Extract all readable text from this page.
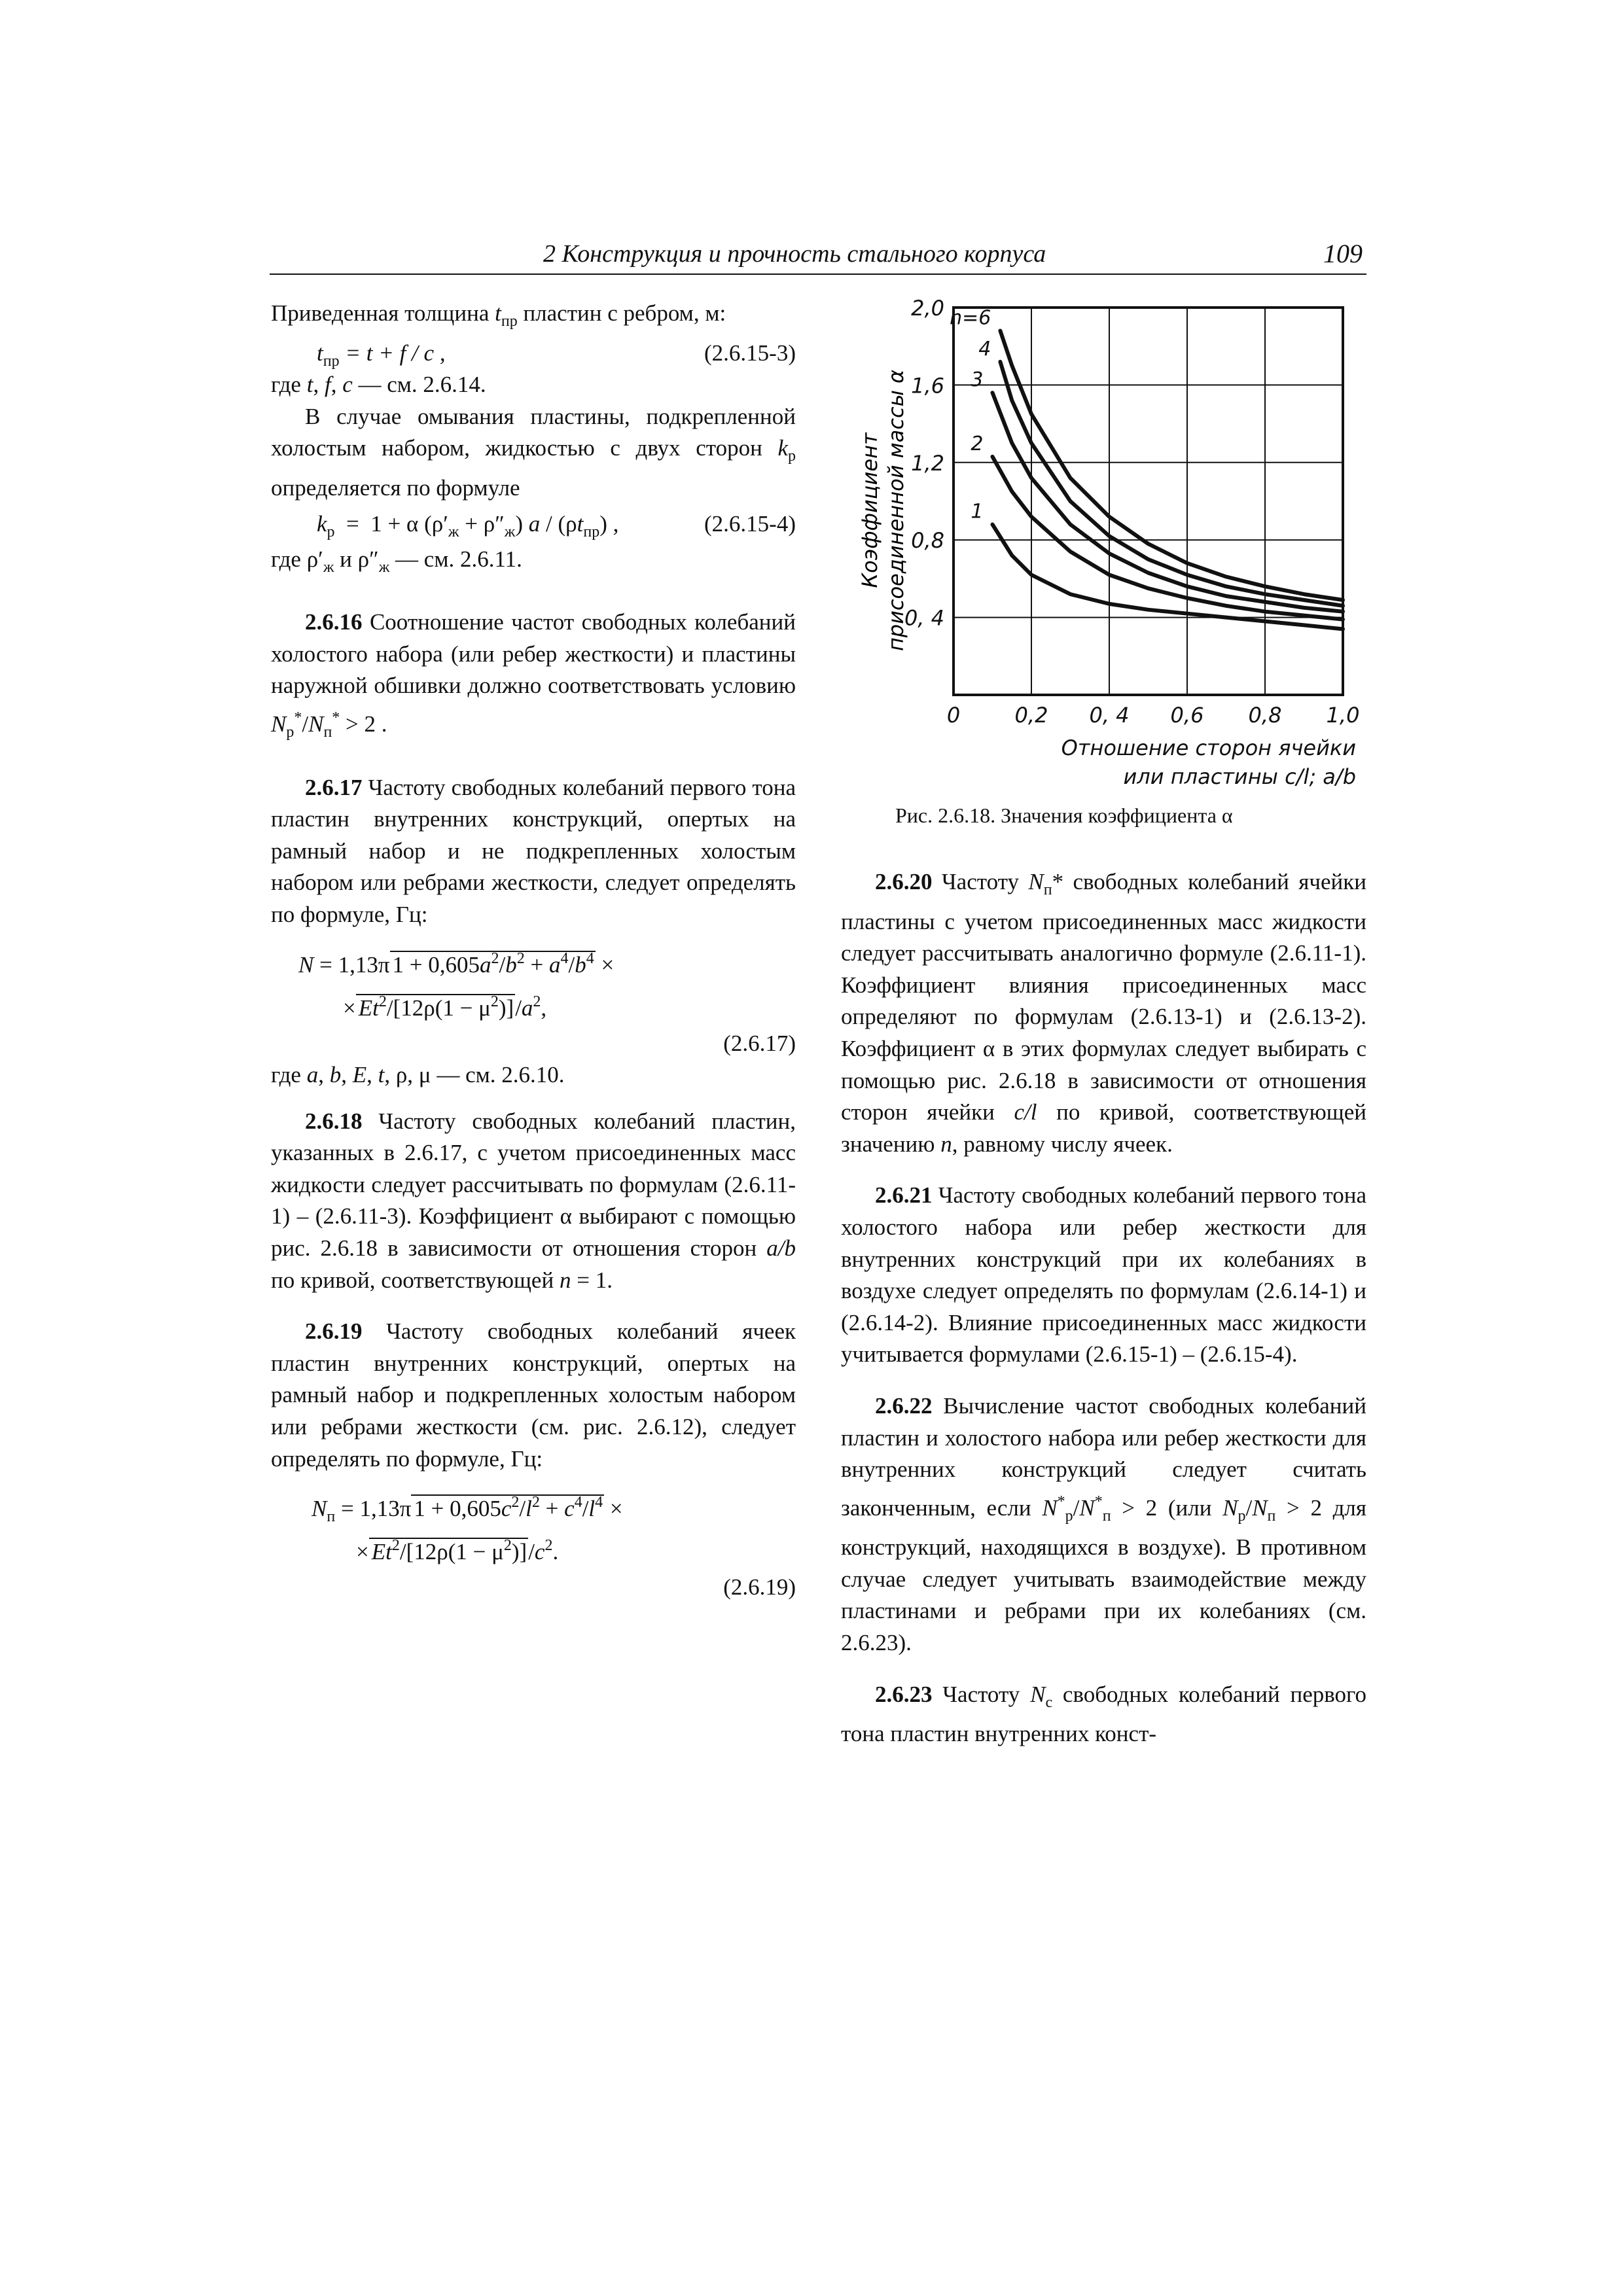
2 Конструкция и прочность стального корпуса	109

Приведенная толщина $t_{пр}$ пластин с ребром, м:

$t_{пр} = t + f / c$ ,	(2.6.15-3)

где t, f, c — см. 2.6.14.

В случае омывания пластины, подкрепленной холостым набором, жидкостью с двух сторон $k_р$ определяется по формуле

$k_р = 1 + \alpha$ $(\rho'_ж + \rho''_ж)$ a / $(\rho t_{пр})$ ,	(2.6.15-4)

где $\rho'_ж$ и $\rho''_ж$ — см. 2.6.11.

2.6.16 Соотношение частот свободных колебаний холостого набора (или ребер жесткости) и пластины наружной обшивки должно соответствовать условию $N_р^*/N_п^* > 2$ .

2.6.17 Частоту свободных колебаний первого тона пластин внутренних конструкций, опертых на рамный набор и не подкрепленных холостым набором или ребрами жесткости, следует определять по формуле, Гц:

N = 1,13π $1 + 0,605a^2/b^2 + a^4/b^4$ ×
× $Et^2/[12\rho(1 - \mu^2)]/a^2$,
(2.6.17)

где a, b, E, t, ρ, μ — см. 2.6.10.

2.6.18 Частоту свободных колебаний пластин, указанных в 2.6.17, с учетом присоединенных масс жидкости следует рассчитывать по формулам (2.6.11-1) – (2.6.11-3). Коэффициент α выбирают с помощью рис. 2.6.18 в зависимости от отношения сторон a/b по кривой, соответствующей n = 1.

2.6.19 Частоту свободных колебаний ячеек пластин внутренних конструкций, опертых на рамный набор и подкрепленных холостым набором или ребрами жесткости (см. рис. 2.6.12), следует определять по формуле, Гц:

$N_п = 1,13\pi$ $1 + 0,605c^2/l^2 + c^4/l^4$ ×
× $Et^2/[12\rho(1 - \mu^2)]/c^2$.
(2.6.19)
2,0
1,6
1,2
0,8
0, 4
0	0,2 0, 4 0,6 0,8 1,0
Коэффициент присоединенной массы α
Отношение сторон ячейки
или пластины c/l; a/b
1
2
3
4
n=6
Рис. 2.6.18. Значения коэффициента α

2.6.20 Частоту $N_п*$ свободных колебаний ячейки пластины с учетом присоединенных масс жидкости следует рассчитывать аналогично формуле (2.6.11-1). Коэффициент влияния присоединенных масс определяют по формулам (2.6.13-1) и (2.6.13-2). Коэффициент α в этих формулах следует выбирать с помощью рис. 2.6.18 в зависимости от отношения сторон ячейки c/l по кривой, соответствующей значению n, равному числу ячеек.

2.6.21 Частоту свободных колебаний первого тона холостого набора или ребер жесткости для внутренних конструкций при их колебаниях в воздухе следует определять по формулам (2.6.14-1) и (2.6.14-2). Влияние присоединенных масс жидкости учитывается формулами (2.6.15-1) – (2.6.15-4).

2.6.22 Вычисление частот свободных колебаний пластин и холостого набора или ребер жесткости для внутренних конструкций следует считать законченным, если $N^*_р/N^*_п > 2$ (или $N_р/N_п > 2$ для конструкций, находящихся в воздухе). В противном случае следует учитывать взаимодействие между пластинами и ребрами при их колебаниях (см. 2.6.23).

2.6.23 Частоту $N_с$ свободных колебаний первого тона пластин внутренних конст-
